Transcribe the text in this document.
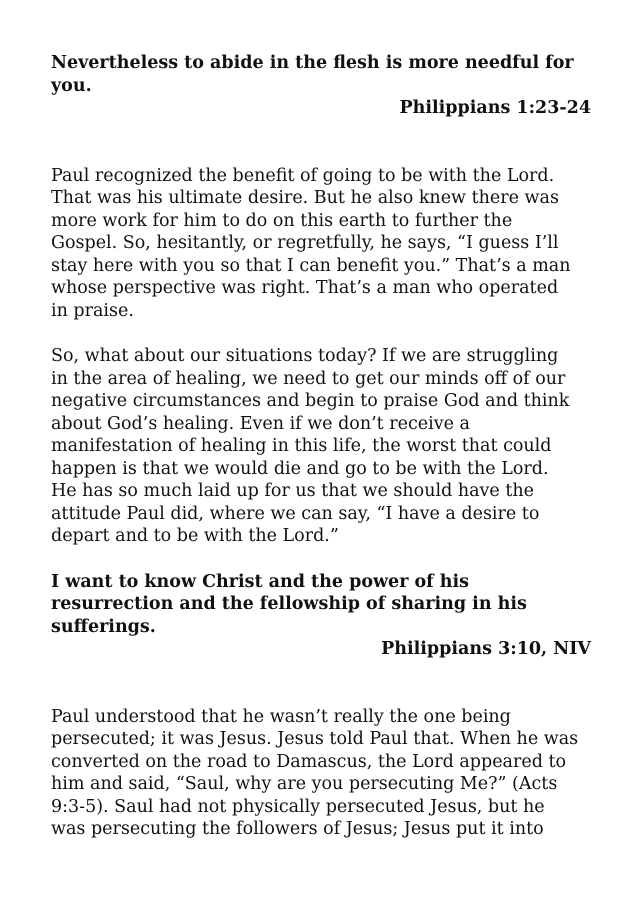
Nevertheless to abide in the flesh is more needful for
you.

Philippians 1:23-24

Paul recognized the benefit of going to be with the Lord.
That was his ultimate desire. But he also knew there was
more work for him to do on this earth to further the
Gospel. So, hesitantly, or regretfully, he says, “I guess I’ll
stay here with you so that I can benefit you.” That’s a man
whose perspective was right. That’s a man who operated
in praise.

So, what about our situations today? If we are struggling
in the area of healing, we need to get our minds off of our
negative circumstances and begin to praise God and think
about God’s healing. Even if we don’t receive a
manifestation of healing in this life, the worst that could
happen is that we would die and go to be with the Lord.
He has so much laid up for us that we should have the
attitude Paul did, where we can say, “I have a desire to
depart and to be with the Lord.”

I want to know Christ and the power of his
resurrection and the fellowship of sharing in his
sufferings.

Philippians 3:10, NIV

Paul understood that he wasn’t really the one being
persecuted; it was Jesus. Jesus told Paul that. When he was
converted on the road to Damascus, the Lord appeared to
him and said, “Saul, why are you persecuting Me?” (Acts
9:3-5). Saul had not physically persecuted Jesus, but he
was persecuting the followers of Jesus; Jesus put it into
